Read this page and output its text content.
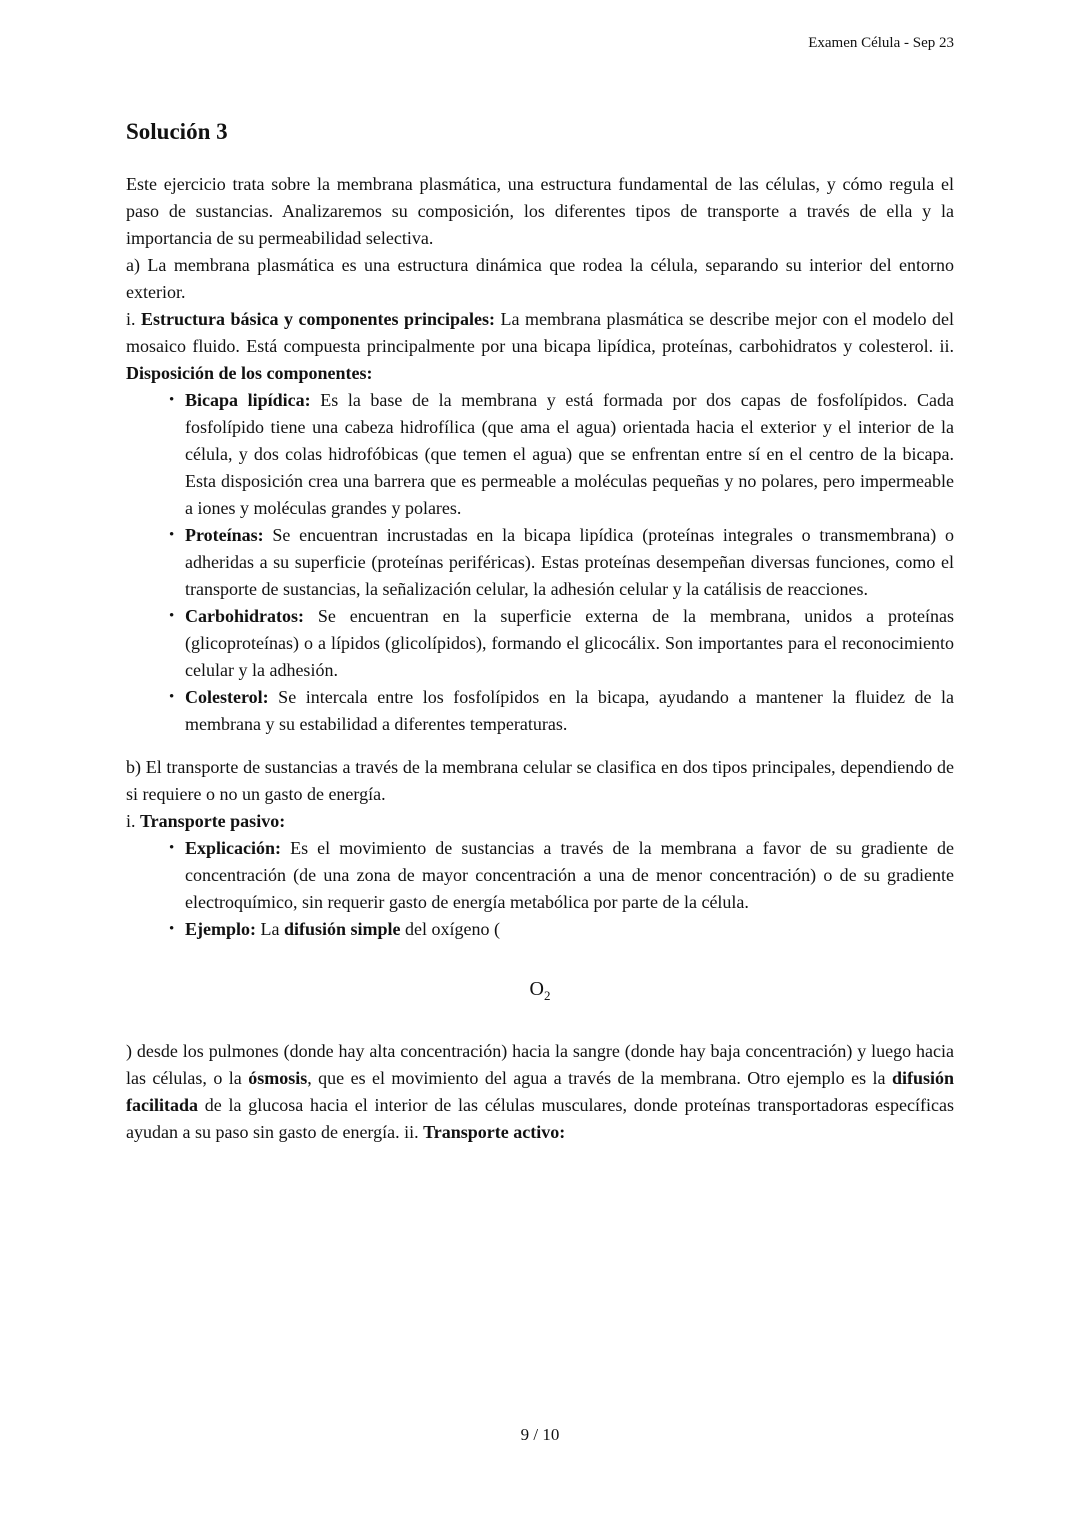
Examen Célula - Sep 23
Solución 3

Este ejercicio trata sobre la membrana plasmática, una estructura fundamental de las células, y cómo regula el paso de sustancias. Analizaremos su composición, los diferentes tipos de transporte a través de ella y la importancia de su permeabilidad selectiva.

a) La membrana plasmática es una estructura dinámica que rodea la célula, separando su interior del entorno exterior.

i. Estructura básica y componentes principales: La membrana plasmática se describe mejor con el modelo del mosaico fluido. Está compuesta principalmente por una bicapa lipídica, proteínas, carbohidratos y colesterol. ii. Disposición de los componentes:

• Bicapa lipídica: Es la base de la membrana y está formada por dos capas de fosfolípidos. Cada fosfolípido tiene una cabeza hidrofílica (que ama el agua) orientada hacia el exterior y el interior de la célula, y dos colas hidrofóbicas (que temen el agua) que se enfrentan entre sí en el centro de la bicapa. Esta disposición crea una barrera que es permeable a moléculas pequeñas y no polares, pero impermeable a iones y moléculas grandes y polares.
• Proteínas: Se encuentran incrustadas en la bicapa lipídica (proteínas integrales o transmembrana) o adheridas a su superficie (proteínas periféricas). Estas proteínas desempeñan diversas funciones, como el transporte de sustancias, la señalización celular, la adhesión celular y la catálisis de reacciones.
• Carbohidratos: Se encuentran en la superficie externa de la membrana, unidos a proteínas (glicoproteínas) o a lípidos (glicolípidos), formando el glicocálix. Son importantes para el reconocimiento celular y la adhesión.
• Colesterol: Se intercala entre los fosfolípidos en la bicapa, ayudando a mantener la fluidez de la membrana y su estabilidad a diferentes temperaturas.

b) El transporte de sustancias a través de la membrana celular se clasifica en dos tipos principales, dependiendo de si requiere o no un gasto de energía.

i. Transporte pasivo:

• Explicación: Es el movimiento de sustancias a través de la membrana a favor de su gradiente de concentración (de una zona de mayor concentración a una de menor concentración) o de su gradiente electroquímico, sin requerir gasto de energía metabólica por parte de la célula.
• Ejemplo: La difusión simple del oxígeno (
$O_2$

) desde los pulmones (donde hay alta concentración) hacia la sangre (donde hay baja concentración) y luego hacia las células, o la ósmosis, que es el movimiento del agua a través de la membrana. Otro ejemplo es la difusión facilitada de la glucosa hacia el interior de las células musculares, donde proteínas transportadoras específicas ayudan a su paso sin gasto de energía. ii. Transporte activo:

9 / 10
